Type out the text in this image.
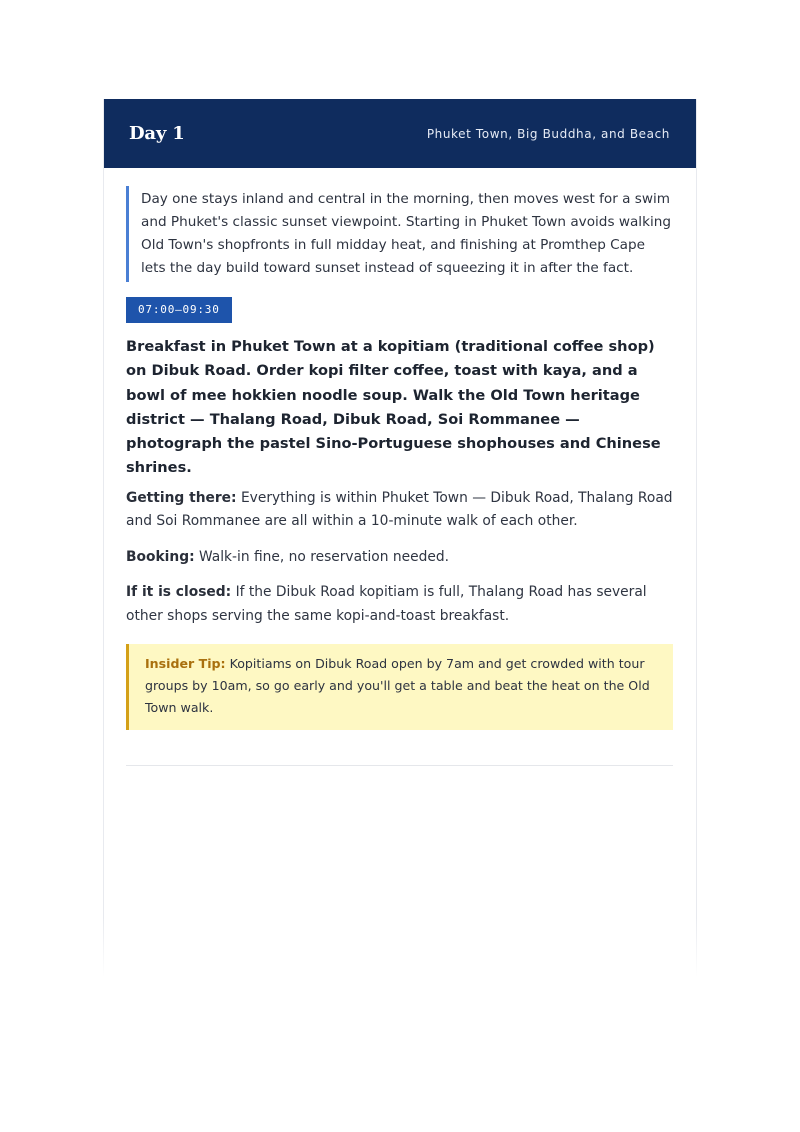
Day 1	Phuket Town, Big Buddha, and Beach

Day one stays inland and central in the morning, then moves west for a swim and Phuket's classic sunset viewpoint. Starting in Phuket Town avoids walking Old Town's shopfronts in full midday heat, and finishing at Promthep Cape lets the day build toward sunset instead of squeezing it in after the fact.

07:00–09:30

Breakfast in Phuket Town at a kopitiam (traditional coffee shop) on Dibuk Road. Order kopi filter coffee, toast with kaya, and a bowl of mee hokkien noodle soup. Walk the Old Town heritage district — Thalang Road, Dibuk Road, Soi Rommanee — photograph the pastel Sino-Portuguese shophouses and Chinese shrines.

Getting there: Everything is within Phuket Town — Dibuk Road, Thalang Road and Soi Rommanee are all within a 10-minute walk of each other.

Booking: Walk-in fine, no reservation needed.

If it is closed: If the Dibuk Road kopitiam is full, Thalang Road has several other shops serving the same kopi-and-toast breakfast.

Insider Tip: Kopitiams on Dibuk Road open by 7am and get crowded with tour groups by 10am, so go early and you'll get a table and beat the heat on the Old Town walk.
